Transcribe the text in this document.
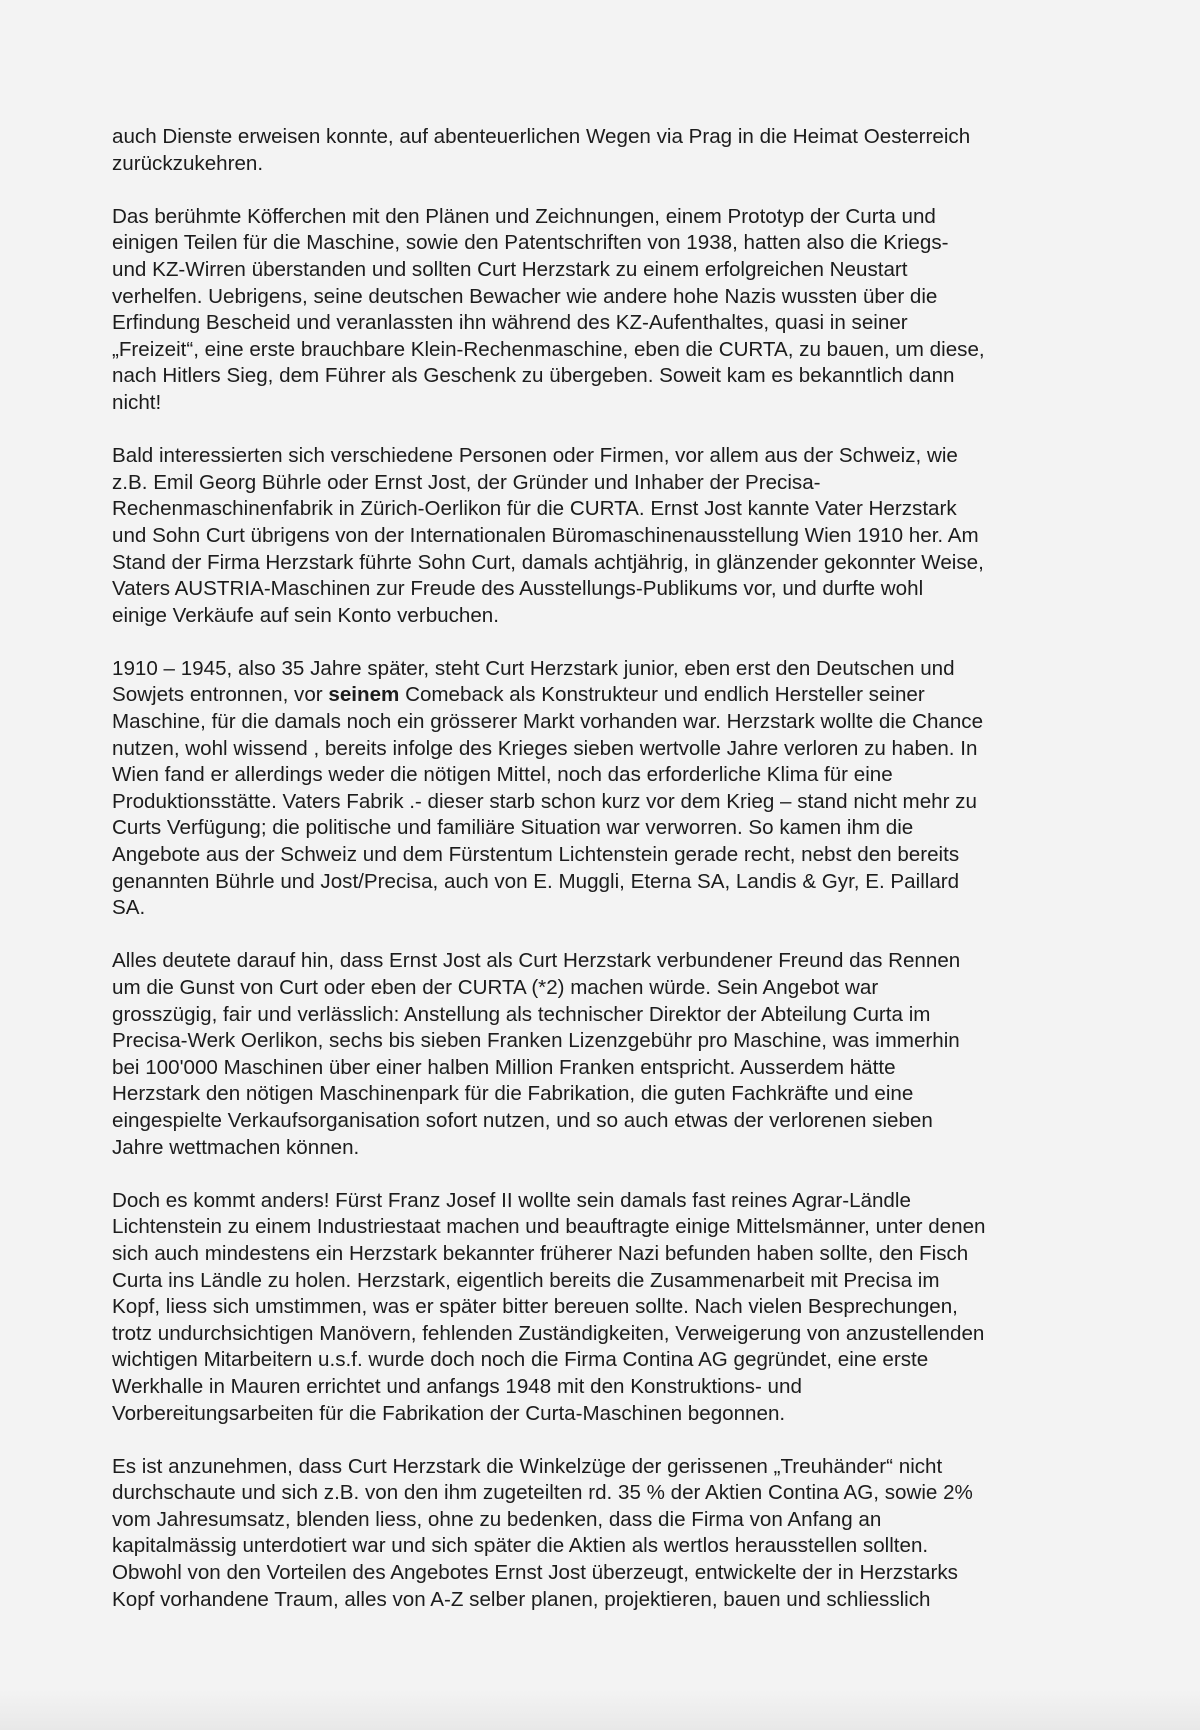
auch Dienste erweisen konnte, auf abenteuerlichen Wegen via Prag in die Heimat Oesterreich
zurückzukehren.

Das berühmte Köfferchen mit den Plänen und Zeichnungen, einem Prototyp der Curta und
einigen Teilen für die Maschine, sowie den Patentschriften von 1938, hatten also die Kriegs-
und KZ-Wirren überstanden und sollten Curt Herzstark zu einem erfolgreichen Neustart
verhelfen. Uebrigens, seine deutschen Bewacher wie andere hohe Nazis wussten über die
Erfindung Bescheid und veranlassten ihn während des KZ-Aufenthaltes, quasi in seiner
„Freizeit“, eine erste brauchbare Klein-Rechenmaschine, eben die CURTA, zu bauen, um diese,
nach Hitlers Sieg, dem Führer als Geschenk zu übergeben. Soweit kam es bekanntlich dann
nicht!

Bald interessierten sich verschiedene Personen oder Firmen, vor allem aus der Schweiz, wie
z.B. Emil Georg Bührle oder Ernst Jost, der Gründer und Inhaber der Precisa-
Rechenmaschinenfabrik in Zürich-Oerlikon für die CURTA. Ernst Jost kannte Vater Herzstark
und Sohn Curt übrigens von der Internationalen Büromaschinenausstellung Wien 1910 her. Am
Stand der Firma Herzstark führte Sohn Curt, damals achtjährig, in glänzender gekonnter Weise,
Vaters AUSTRIA-Maschinen zur Freude des Ausstellungs-Publikums vor, und durfte wohl
einige Verkäufe auf sein Konto verbuchen.

1910 – 1945, also 35 Jahre später, steht Curt Herzstark junior, eben erst den Deutschen und
Sowjets entronnen, vor seinem Comeback als Konstrukteur und endlich Hersteller seiner
Maschine, für die damals noch ein grösserer Markt vorhanden war. Herzstark wollte die Chance
nutzen, wohl wissend , bereits infolge des Krieges sieben wertvolle Jahre verloren zu haben. In
Wien fand er allerdings weder die nötigen Mittel, noch das erforderliche Klima für eine
Produktionsstätte. Vaters Fabrik .- dieser starb schon kurz vor dem Krieg – stand nicht mehr zu
Curts Verfügung; die politische und familiäre Situation war verworren. So kamen ihm die
Angebote aus der Schweiz und dem Fürstentum Lichtenstein gerade recht, nebst den bereits
genannten Bührle und Jost/Precisa, auch von E. Muggli, Eterna SA, Landis & Gyr, E. Paillard
SA.

Alles deutete darauf hin, dass Ernst Jost als Curt Herzstark verbundener Freund das Rennen
um die Gunst von Curt oder eben der CURTA (*2) machen würde. Sein Angebot war
grosszügig, fair und verlässlich: Anstellung als technischer Direktor der Abteilung Curta im
Precisa-Werk Oerlikon, sechs bis sieben Franken Lizenzgebühr pro Maschine, was immerhin
bei 100'000 Maschinen über einer halben Million Franken entspricht. Ausserdem hätte
Herzstark den nötigen Maschinenpark für die Fabrikation, die guten Fachkräfte und eine
eingespielte Verkaufsorganisation sofort nutzen, und so auch etwas der verlorenen sieben
Jahre wettmachen können.

Doch es kommt anders! Fürst Franz Josef II wollte sein damals fast reines Agrar-Ländle
Lichtenstein zu einem Industriestaat machen und beauftragte einige Mittelsmänner, unter denen
sich auch mindestens ein Herzstark bekannter früherer Nazi befunden haben sollte, den Fisch
Curta ins Ländle zu holen. Herzstark, eigentlich bereits die Zusammenarbeit mit Precisa im
Kopf, liess sich umstimmen, was er später bitter bereuen sollte. Nach vielen Besprechungen,
trotz undurchsichtigen Manövern, fehlenden Zuständigkeiten, Verweigerung von anzustellenden
wichtigen Mitarbeitern u.s.f. wurde doch noch die Firma Contina AG gegründet, eine erste
Werkhalle in Mauren errichtet und anfangs 1948 mit den Konstruktions- und
Vorbereitungsarbeiten für die Fabrikation der Curta-Maschinen begonnen.

Es ist anzunehmen, dass Curt Herzstark die Winkelzüge der gerissenen „Treuhänder“ nicht
durchschaute und sich z.B. von den ihm zugeteilten rd. 35 % der Aktien Contina AG, sowie 2%
vom Jahresumsatz, blenden liess, ohne zu bedenken, dass die Firma von Anfang an
kapitalmässig unterdotiert war und sich später die Aktien als wertlos herausstellen sollten.
Obwohl von den Vorteilen des Angebotes Ernst Jost überzeugt, entwickelte der in Herzstarks
Kopf vorhandene Traum, alles von A-Z selber planen, projektieren, bauen und schliesslich
